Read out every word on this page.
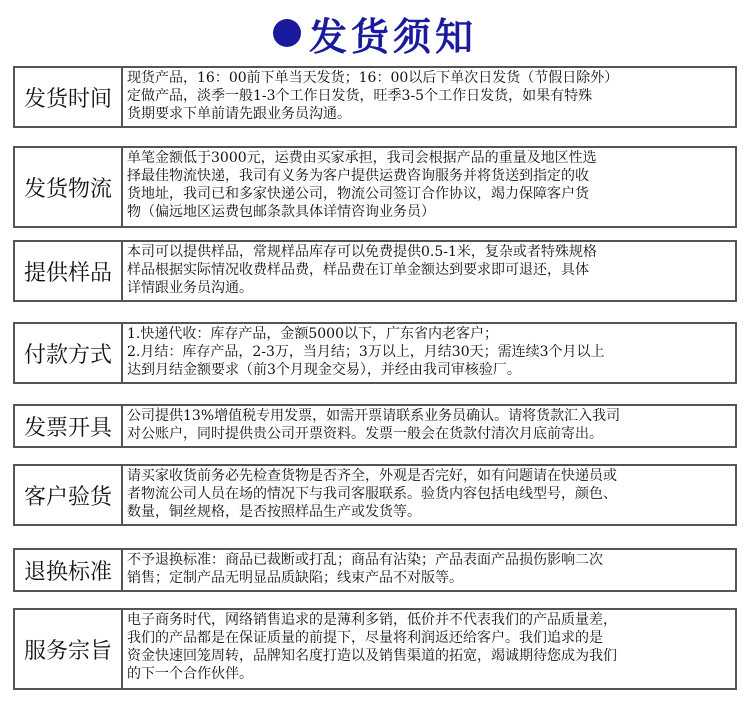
发货须知
发货时间
现货产品，16：00前下单当天发货；16：00以后下单次日发货（节假日除外）
定做产品，淡季一般1-3个工作日发货，旺季3-5个工作日发货，如果有特殊
货期要求下单前请先跟业务员沟通。
发货物流
单笔金额低于3000元，运费由买家承担，我司会根据产品的重量及地区性选
择最佳物流快递，我司有义务为客户提供运费咨询服务并将货送到指定的收
货地址，我司已和多家快递公司，物流公司签订合作协议，竭力保障客户货
物（偏远地区运费包邮条款具体详情咨询业务员）
提供样品
本司可以提供样品，常规样品库存可以免费提供0.5-1米，复杂或者特殊规格
样品根据实际情况收费样品费，样品费在订单金额达到要求即可退还，具体
详情跟业务员沟通。
付款方式
1.快递代收：库存产品，金额5000以下，广东省内老客户；
2.月结：库存产品，2-3万，当月结；3万以上，月结30天；需连续3个月以上
达到月结金额要求（前3个月现金交易），并经由我司审核验厂。
发票开具	公司提供13%增值税专用发票，如需开票请联系业务员确认。请将货款汇入我司
对公账户，同时提供贵公司开票资料。发票一般会在货款付清次月底前寄出。
客户验货
请买家收货前务必先检查货物是否齐全，外观是否完好，如有问题请在快递员或
者物流公司人员在场的情况下与我司客服联系。验货内容包括电线型号，颜色、
数量，铜丝规格，是否按照样品生产或发货等。
退换标准	不予退换标准：商品已裁断或打乱；商品有沾染；产品表面产品损伤影响二次
销售；定制产品无明显品质缺陷；线束产品不对版等。
服务宗旨
电子商务时代，网络销售追求的是薄利多销，低价并不代表我们的产品质量差，
我们的产品都是在保证质量的前提下，尽量将利润返还给客户。我们追求的是
资金快速回笼周转，品牌知名度打造以及销售渠道的拓宽，竭诚期待您成为我们
的下一个合作伙伴。
